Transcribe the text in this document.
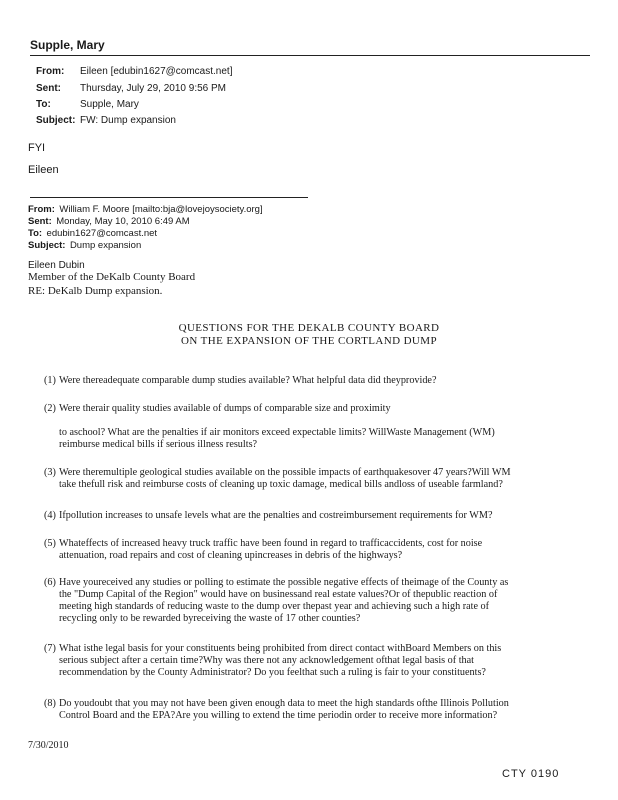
Supple, Mary
From: Eileen [edubin1627@comcast.net]
Sent: Thursday, July 29, 2010 9:56 PM
To:	Supple, Mary
Subject: FW: Dump expansion
FYI
Eileen
From: William F. Moore [mailto:bja@lovejoysociety.org]
Sent: Monday, May 10, 2010 6:49 AM
To: edubin1627@comcast.net
Subject: Dump expansion
Eileen Dubin
Member of the DeKalb County Board
RE: DeKalb Dump expansion.
QUESTIONS FOR THE DEKALB COUNTY BOARD
ON THE EXPANSION OF THE CORTLAND DUMP
(1) Were thereadequate comparable dump studies available? What helpful data did theyprovide?
(2) Were therair quality studies available of dumps of comparable size and proximity
to aschool? What are the penalties if air monitors exceed expectable limits? WillWaste Management (WM)
reimburse medical bills if serious illness results?
(3) Were theremultiple geological studies available on the possible impacts of earthquakesover 47 years?Will WM
take thefull risk and reimburse costs of cleaning up toxic damage, medical bills andloss of useable farmland?
(4) Ifpollution increases to unsafe levels what are the penalties and costreimbursement requirements for WM?
(5) Whateffects of increased heavy truck traffic have been found in regard to trafficaccidents, cost for noise
attenuation, road repairs and cost of cleaning upincreases in debris of the highways?
(6) Have youreceived any studies or polling to estimate the possible negative effects of theimage of the County as
the "Dump Capital of the Region" would have on businessand real estate values?Or of thepublic reaction of
meeting high standards of reducing waste to the dump over thepast year and achieving such a high rate of
recycling only to be rewarded byreceiving the waste of 17 other counties?
(7) What isthe legal basis for your constituents being prohibited from direct contact withBoard Members on this
serious subject after a certain time?Why was there not any acknowledgement ofthat legal basis of that
recommendation by the County Administrator? Do you feelthat such a ruling is fair to your constituents?
(8) Do youdoubt that you may not have been given enough data to meet the high standards ofthe Illinois Pollution
Control Board and the EPA?Are you willing to extend the time periodin order to receive more information?
7/30/2010
CTY 0190
